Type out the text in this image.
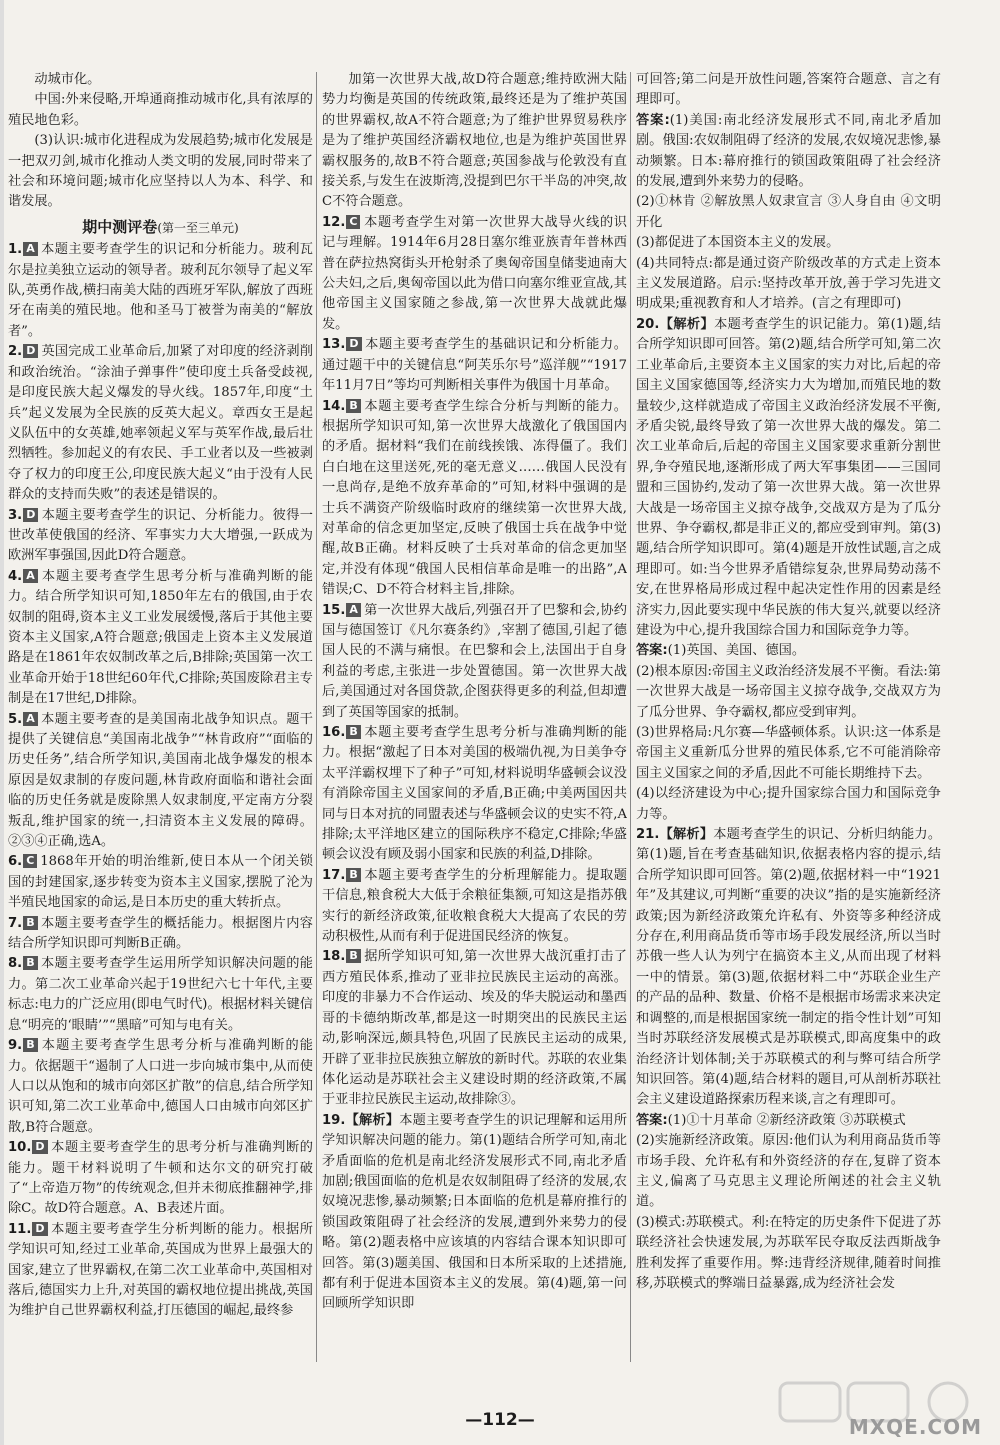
动城市化。

中国:外来侵略,开埠通商推动城市化,具有浓厚的殖民地色彩。

(3)认识:城市化进程成为发展趋势;城市化发展是一把双刃剑,城市化推动人类文明的发展,同时带来了社会和环境问题;城市化应坚持以人为本、科学、和谐发展。

期中测评卷(第一至三单元)

1. A 本题主要考查学生的识记和分析能力。玻利瓦尔是拉美独立运动的领导者。玻利瓦尔领导了起义军队,英勇作战,横扫南美大陆的西班牙军队,解放了西班牙在南美的殖民地。他和圣马丁被誉为南美的“解放者”。

2. D 英国完成工业革命后,加紧了对印度的经济剥削和政治统治。“涂油子弹事件”使印度土兵备受歧视,是印度民族大起义爆发的导火线。1857年,印度“土兵”起义发展为全民族的反英大起义。章西女王是起义队伍中的女英雄,她率领起义军与英军作战,最后壮烈牺牲。参加起义的有农民、手工业者以及一些被剥夺了权力的印度王公,印度民族大起义“由于没有人民群众的支持而失败”的表述是错误的。

3. D 本题主要考查学生的识记、分析能力。彼得一世改革使俄国的经济、军事实力大大增强,一跃成为欧洲军事强国,因此D符合题意。

4. A 本题主要考查学生思考分析与准确判断的能力。结合所学知识可知,1850年左右的俄国,由于农奴制的阻碍,资本主义工业发展缓慢,落后于其他主要资本主义国家,A符合题意;俄国走上资本主义发展道路是在1861年农奴制改革之后,B排除;英国第一次工业革命开始于18世纪60年代,C排除;英国废除君主专制是在17世纪,D排除。

5. A 本题主要考查的是美国南北战争知识点。题干提供了关键信息“美国南北战争”“林肯政府”“面临的历史任务”,结合所学知识,美国南北战争爆发的根本原因是奴隶制的存废问题,林肯政府面临和谐社会面临的历史任务就是废除黑人奴隶制度,平定南方分裂叛乱,维护国家的统一,扫清资本主义发展的障碍。②③④正确,选A。

6. C 1868年开始的明治维新,使日本从一个闭关锁国的封建国家,逐步转变为资本主义国家,摆脱了沦为半殖民地国家的命运,是日本历史的重大转折点。

7. B 本题主要考查学生的概括能力。根据图片内容结合所学知识即可判断B正确。

8. B 本题主要考查学生运用所学知识解决问题的能力。第二次工业革命兴起于19世纪六七十年代,主要标志:电力的广泛应用(即电气时代)。根据材料关键信息“明亮的‘眼睛’”“黑暗”可知与电有关。

9. B 本题主要考查学生思考分析与准确判断的能力。依据题干“遏制了人口进一步向城市集中,从而使人口以从饱和的城市向郊区扩散”的信息,结合所学知识可知,第二次工业革命中,德国人口由城市向郊区扩散,B符合题意。

10. D 本题主要考查学生的思考分析与准确判断的能力。题干材料说明了牛顿和达尔文的研究打破了“上帝造万物”的传统观念,但并未彻底推翻神学,排除C。故D符合题意。A、B表述片面。

11. D 本题主要考查学生分析判断的能力。根据所学知识可知,经过工业革命,英国成为世界上最强大的国家,建立了世界霸权,在第二次工业革命中,英国相对落后,德国实力上升,对英国的霸权地位提出挑战,英国为维护自己世界霸权利益,打压德国的崛起,最终参

加第一次世界大战,故D符合题意;维持欧洲大陆势力均衡是英国的传统政策,最终还是为了维护英国的世界霸权,故A不符合题意;为了维护世界贸易秩序是为了维护英国经济霸权地位,也是为维护英国世界霸权服务的,故B不符合题意;英国参战与伦敦没有直接关系,与发生在波斯湾,没提到巴尔干半岛的冲突,故C不符合题意。

12. C 本题考查学生对第一次世界大战导火线的识记与理解。1914年6月28日塞尔维亚族青年普林西普在萨拉热窝街头开枪射杀了奥匈帝国皇储斐迪南大公夫妇,之后,奥匈帝国以此为借口向塞尔维亚宣战,其他帝国主义国家随之参战,第一次世界大战就此爆发。

13. D 本题主要考查学生的基础识记和分析能力。通过题干中的关键信息“阿芙乐尔号”巡洋舰”“1917年11月7日”等均可判断相关事件为俄国十月革命。

14. B 本题主要考查学生综合分析与判断的能力。根据所学知识可知,第一次世界大战激化了俄国国内的矛盾。据材料“我们在前线挨饿、冻得僵了。我们白白地在这里送死,死的毫无意义……俄国人民没有一息尚存,是绝不放弃革命的”可知,材料中强调的是士兵不满资产阶级临时政府的继续第一次世界大战,对革命的信念更加坚定,反映了俄国士兵在战争中觉醒,故B正确。材料反映了士兵对革命的信念更加坚定,并没有体现“俄国人民相信革命是唯一的出路”,A错误;C、D不符合材料主旨,排除。

15. A 第一次世界大战后,列强召开了巴黎和会,协约国与德国签订《凡尔赛条约》,宰割了德国,引起了德国人民的不满与痛恨。在巴黎和会上,法国出于自身利益的考虑,主张进一步处置德国。第一次世界大战后,美国通过对各国贷款,企图获得更多的利益,但却遭到了英国等国家的抵制。

16. B 本题主要考查学生思考分析与准确判断的能力。根据“激起了日本对美国的极端仇视,为日美争夺太平洋霸权埋下了种子”可知,材料说明华盛顿会议没有消除帝国主义国家间的矛盾,B正确;中美两国因共同与日本对抗的同盟表述与华盛顿会议的史实不符,A排除;太平洋地区建立的国际秩序不稳定,C排除;华盛顿会议没有顾及弱小国家和民族的利益,D排除。

17. B 本题主要考查学生的分析理解能力。提取题干信息,粮食税大大低于余粮征集额,可知这是指苏俄实行的新经济政策,征收粮食税大大提高了农民的劳动积极性,从而有利于促进国民经济的恢复。

18. B 据所学知识可知,第一次世界大战沉重打击了西方殖民体系,推动了亚非拉民族民主运动的高涨。印度的非暴力不合作运动、埃及的华夫脱运动和墨西哥的卡德纳斯改革,都是这一时期突出的民族民主运动,影响深远,颇具特色,巩固了民族民主运动的成果,开辟了亚非拉民族独立解放的新时代。苏联的农业集体化运动是苏联社会主义建设时期的经济政策,不属于亚非拉民族民主运动,故排除③。

19.【解析】本题主要考查学生的识记理解和运用所学知识解决问题的能力。第(1)题结合所学可知,南北矛盾面临的危机是南北经济发展形式不同,南北矛盾加剧;俄国面临的危机是农奴制阻碍了经济的发展,农奴境况悲惨,暴动频繁;日本面临的危机是幕府推行的锁国政策阻碍了社会经济的发展,遭到外来势力的侵略。第(2)题表格中应该填的内容结合课本知识即可回答。第(3)题美国、俄国和日本所采取的上述措施,都有利于促进本国资本主义的发展。第(4)题,第一问回顾所学知识即

可回答;第二问是开放性问题,答案符合题意、言之有理即可。

答案:(1)美国:南北经济发展形式不同,南北矛盾加剧。俄国:农奴制阻碍了经济的发展,农奴境况悲惨,暴动频繁。日本:幕府推行的锁国政策阻碍了社会经济的发展,遭到外来势力的侵略。

(2)①林肯 ②解放黑人奴隶宣言 ③人身自由 ④文明开化

(3)都促进了本国资本主义的发展。

(4)共同特点:都是通过资产阶级改革的方式走上资本主义发展道路。启示:坚持改革开放,善于学习先进文明成果;重视教育和人才培养。(言之有理即可)

20.【解析】本题考查学生的识记能力。第(1)题,结合所学知识即可回答。第(2)题,结合所学可知,第二次工业革命后,主要资本主义国家的实力对比,后起的帝国主义国家德国等,经济实力大为增加,而殖民地的数量较少,这样就造成了帝国主义政治经济发展不平衡,矛盾尖锐,最终导致了第一次世界大战的爆发。第二次工业革命后,后起的帝国主义国家要求重新分割世界,争夺殖民地,逐渐形成了两大军事集团——三国同盟和三国协约,发动了第一次世界大战。第一次世界大战是一场帝国主义掠夺战争,交战双方是为了瓜分世界、争夺霸权,都是非正义的,都应受到审判。第(3)题,结合所学知识即可。第(4)题是开放性试题,言之成理即可。如:当今世界矛盾错综复杂,世界局势动荡不安,在世界格局形成过程中起决定性作用的因素是经济实力,因此要实现中华民族的伟大复兴,就要以经济建设为中心,提升我国综合国力和国际竞争力等。

答案:(1)英国、美国、德国。

(2)根本原因:帝国主义政治经济发展不平衡。看法:第一次世界大战是一场帝国主义掠夺战争,交战双方为了瓜分世界、争夺霸权,都应受到审判。

(3)世界格局:凡尔赛—华盛顿体系。认识:这一体系是帝国主义重新瓜分世界的殖民体系,它不可能消除帝国主义国家之间的矛盾,因此不可能长期维持下去。

(4)以经济建设为中心;提升国家综合国力和国际竞争力等。

21.【解析】本题考查学生的识记、分析归纳能力。第(1)题,旨在考查基础知识,依据表格内容的提示,结合所学知识即可回答。第(2)题,依据材料一中“1921年”及其建议,可判断“重要的决议”指的是实施新经济政策;因为新经济政策允许私有、外资等多种经济成分存在,利用商品货币等市场手段发展经济,所以当时苏俄一些人认为列宁在搞资本主义,从而出现了材料一中的情景。第(3)题,依据材料二中“苏联企业生产的产品的品种、数量、价格不是根据市场需求来决定和调整的,而是根据国家统一制定的指令性计划”可知当时苏联经济发展模式是苏联模式,即高度集中的政治经济计划体制;关于苏联模式的利与弊可结合所学知识回答。第(4)题,结合材料的题目,可从剖析苏联社会主义建设道路探索历程来谈,言之有理即可。

答案:(1)①十月革命 ②新经济政策 ③苏联模式

(2)实施新经济政策。原因:他们认为利用商品货币等市场手段、允许私有和外资经济的存在,复辟了资本主义,偏离了马克思主义理论所阐述的社会主义轨道。

(3)模式:苏联模式。利:在特定的历史条件下促进了苏联经济社会快速发展,为苏联军民夺取反法西斯战争胜利发挥了重要作用。弊:违背经济规律,随着时间推移,苏联模式的弊端日益暴露,成为经济社会发

—112—	MXQE.COM
